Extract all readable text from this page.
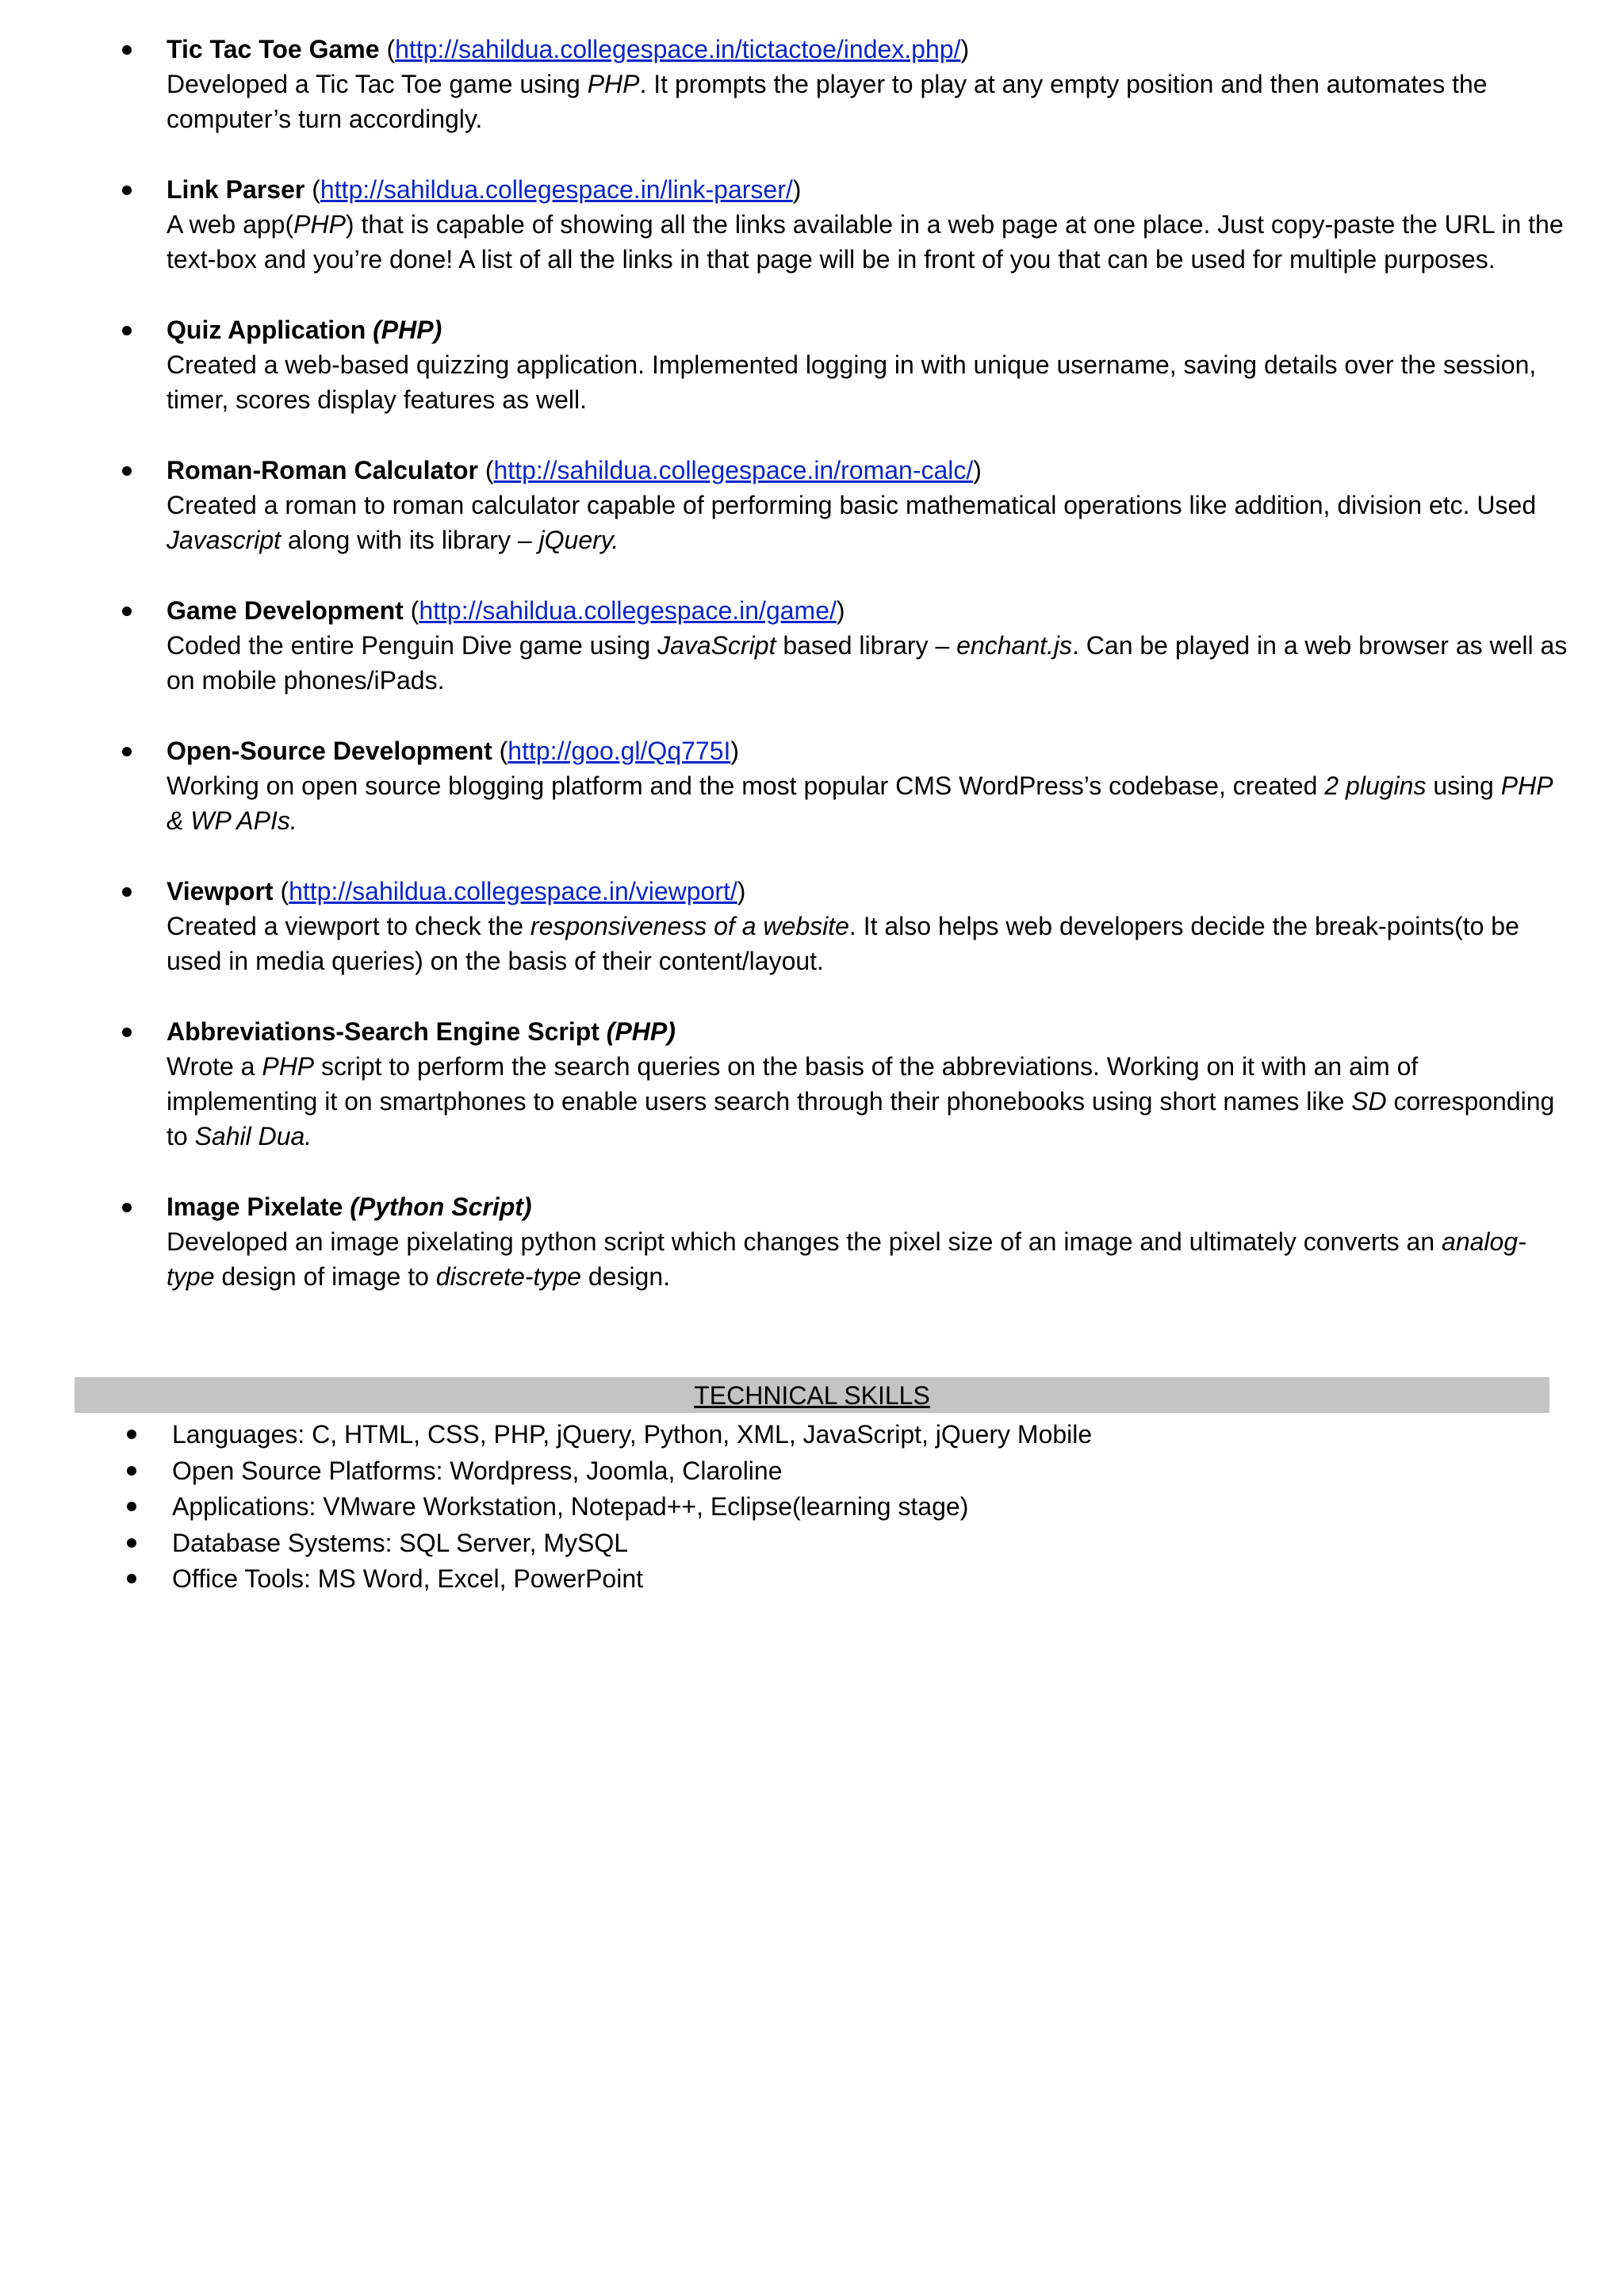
Tic Tac Toe Game (http://sahildua.collegespace.in/tictactoe/index.php/)
Developed a Tic Tac Toe game using PHP. It prompts the player to play at any empty position and then automates the computer’s turn accordingly.
Link Parser (http://sahildua.collegespace.in/link-parser/)
A web app(PHP) that is capable of showing all the links available in a web page at one place. Just copy-paste the URL in the text-box and you’re done! A list of all the links in that page will be in front of you that can be used for multiple purposes.
Quiz Application (PHP)
Created a web-based quizzing application. Implemented logging in with unique username, saving details over the session, timer, scores display features as well.
Roman-Roman Calculator (http://sahildua.collegespace.in/roman-calc/)
Created a roman to roman calculator capable of performing basic mathematical operations like addition, division etc. Used Javascript along with its library – jQuery.
Game Development (http://sahildua.collegespace.in/game/)
Coded the entire Penguin Dive game using JavaScript based library – enchant.js. Can be played in a web browser as well as on mobile phones/iPads.
Open-Source Development (http://goo.gl/Qq775I)
Working on open source blogging platform and the most popular CMS WordPress’s codebase, created 2 plugins using PHP & WP APIs.
Viewport (http://sahildua.collegespace.in/viewport/)
Created a viewport to check the responsiveness of a website. It also helps web developers decide the break-points(to be used in media queries) on the basis of their content/layout.
Abbreviations-Search Engine Script (PHP)
Wrote a PHP script to perform the search queries on the basis of the abbreviations. Working on it with an aim of implementing it on smartphones to enable users search through their phonebooks using short names like SD corresponding to Sahil Dua.
Image Pixelate (Python Script)
Developed an image pixelating python script which changes the pixel size of an image and ultimately converts an analog-type design of image to discrete-type design.
TECHNICAL SKILLS
Languages: C, HTML, CSS, PHP, jQuery, Python, XML, JavaScript, jQuery Mobile
Open Source Platforms: Wordpress, Joomla, Claroline
Applications: VMware Workstation, Notepad++, Eclipse(learning stage)
Database Systems: SQL Server, MySQL
Office Tools: MS Word, Excel, PowerPoint
